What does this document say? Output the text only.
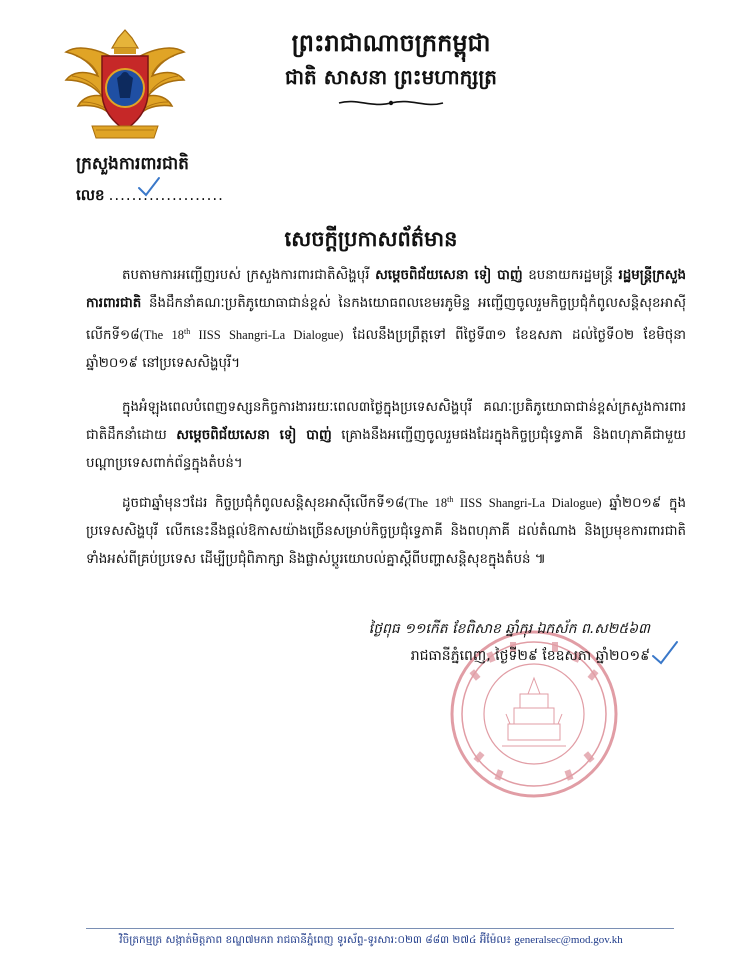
ព្រះរាជាណាចក្រកម្ពុជា

ជាតិ សាសនា ព្រះមហាក្សត្រ

ក្រសួងការពារជាតិ
លេខ ....................
សេចក្ដីប្រកាសព័ត៌មាន
តបតាមការអញ្ជើញរបស់ ក្រសួងការពារជាតិសិង្ហបុរី សម្ដេចពិជ័យសេនា ទៀ បាញ់ ឧបនាយករដ្ឋមន្ត្រី រដ្ឋមន្ត្រីក្រសួងការពារជាតិ នឹងដឹកនាំគណៈប្រតិភូយោធាជាន់ខ្ពស់ នៃកងយោធពលខេមរភូមិន្ទ អញ្ជើញចូលរួមកិច្ចប្រជុំកំពូលសន្តិសុខអាស៊ីលើកទី១៨(The 18th IISS Shangri-La Dialogue) ដែលនឹងប្រព្រឹត្តទៅ ពីថ្ងៃទី៣១ ខែឧសភា ដល់ថ្ងៃទី០២ ខែមិថុនា ឆ្នាំ២០១៩ នៅប្រទេសសិង្ហបុរី។
ក្នុងអំឡុងពេលបំពេញទស្សនកិច្ចការងាររយៈពេល៣ថ្ងៃក្នុងប្រទេសសិង្ហបុរី គណៈប្រតិភូយោធាជាន់ខ្ពស់ក្រសួងការពារជាតិដឹកនាំដោយ សម្ដេចពិជ័យសេនា ទៀ បាញ់ គ្រោងនឹងអញ្ជើញចូលរួមផងដែរក្នុងកិច្ចប្រជុំទ្វេភាគី និងពហុភាគីជាមួយបណ្ដាប្រទេសពាក់ព័ន្ធក្នុងតំបន់។
ដូចជាឆ្នាំមុនៗដែរ កិច្ចប្រជុំកំពូលសន្តិសុខអាស៊ីលើកទី១៨(The 18th IISS Shangri-La Dialogue) ឆ្នាំ២០១៩ ក្នុងប្រទេសសិង្ហបុរី លើកនេះនឹងផ្ដល់ឱកាសយ៉ាងច្រើនសម្រាប់កិច្ចប្រជុំទ្វេភាគី និងពហុភាគី ដល់តំណាង និងប្រមុខការពារជាតិទាំងអស់ពីគ្រប់ប្រទេស ដើម្បីប្រជុំពិភាក្សា និងផ្លាស់ប្ដូរយោបល់គ្នាស្ដីពីបញ្ហាសន្តិសុខក្នុងតំបន់ ៕
ថ្ងៃពុធ ១១កើត ខែពិសាខ ឆ្នាំកុរ ឯកស័ក ព.ស២៥៦៣
រាជធានីភ្នំពេញ, ថ្ងៃទី២៩ ខែឧសភា ឆ្នាំ២០១៩
វិចិត្រកម្មត្រ សង្កាត់មិត្តភាព ខណ្ឌ៧មករា រាជធានីភ្នំពេញ ទូរស័ព្ទ-ទូរសារ:០២៣ ៨៨៣ ២៧៤ អ៊ីម៉ែល៖ generalsec@mod.gov.kh
